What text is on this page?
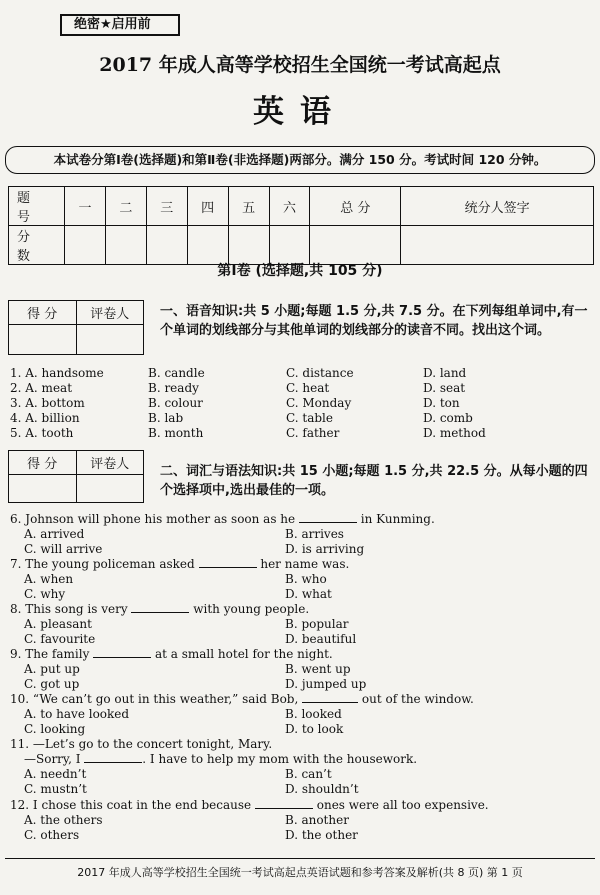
绝密★启用前
2017 年成人高等学校招生全国统一考试高起点
英语
本试卷分第Ⅰ卷(选择题)和第Ⅱ卷(非选择题)两部分。满分 150 分。考试时间 120 分钟。
题 号	一	二	三	四	五	六	总 分	统分人签字
分 数								
第Ⅰ卷 (选择题,共 105 分)
得 分	评卷人
	一、语音知识:共 5 小题;每题 1.5 分,共 7.5 分。在下列每组单词中,有一个单词的划线部分与其他单词的划线部分的读音不同。找出这个词。
1. A. handsome	B. candle	C. distance	D. land
2. A. meat	B. ready	C. heat	D. seat
3. A. bottom	B. colour	C. Monday	D. ton
4. A. billion	B. lab	C. table	D. comb
5. A. tooth	B. month	C. father	D. method
得 分	评卷人
	二、词汇与语法知识:共 15 小题;每题 1.5 分,共 22.5 分。从每小题的四个选择项中,选出最佳的一项。
6. Johnson will phone his mother as soon as he	in Kunming.
A. arrived	B. arrives
C. will arrive	D. is arriving
7. The young policeman asked	her name was.
A. when	B. who
C. why	D. what
8. This song is very	with young people.
A. pleasant	B. popular
C. favourite	D. beautiful
9. The family	at a small hotel for the night.
A. put up	B. went up
C. got up	D. jumped up
10. “We can’t go out in this weather,” said Bob,	out of the window.
A. to have looked	B. looked
C. looking	D. to look
11. —Let’s go to the concert tonight, Mary.
—Sorry, I	. I have to help my mom with the housework.
A. needn’t	B. can’t
C. mustn’t	D. shouldn’t
12. I chose this coat in the end because	ones were all too expensive.
A. the others	B. another
C. others	D. the other
2017 年成人高等学校招生全国统一考试高起点英语试题和参考答案及解析(共 8 页) 第 1 页
